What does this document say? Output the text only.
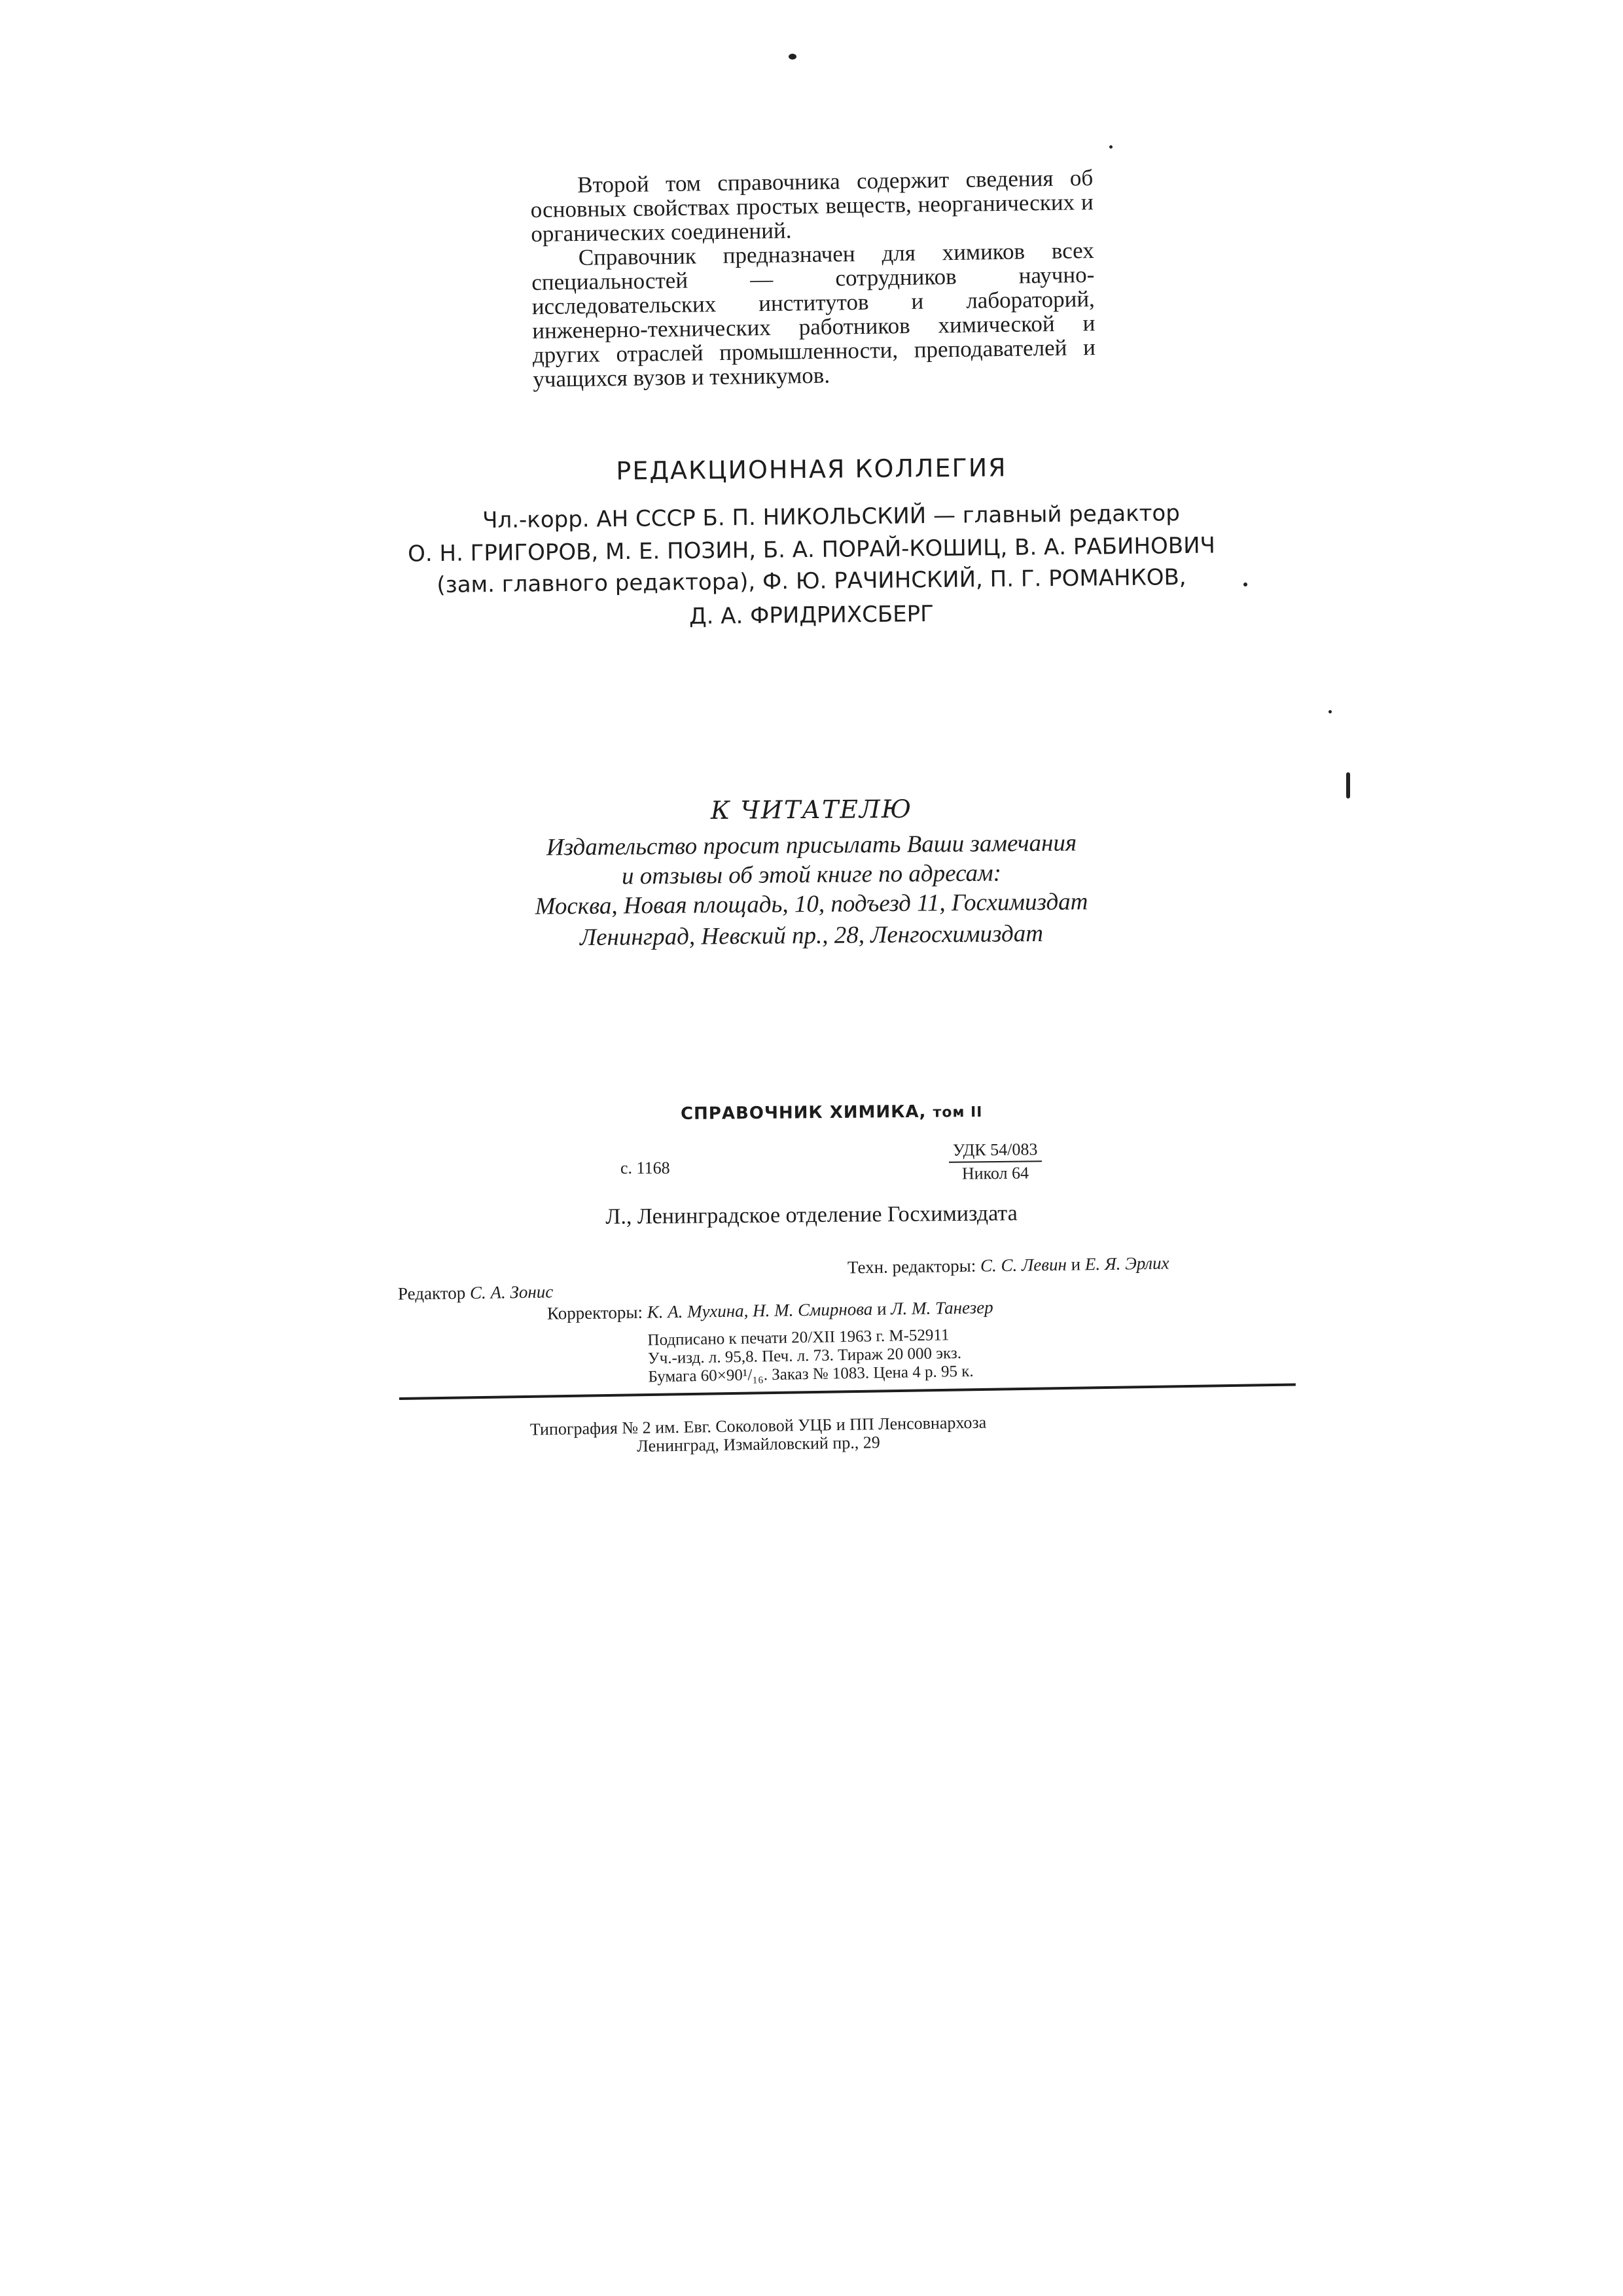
Второй том справочника содержит сведения об основных свойствах простых веществ, неорганических и органических соединений.

Справочник предназначен для химиков всех специальностей — сотрудников научно-исследовательских институтов и лабораторий, инженерно-технических работников химической и других отраслей промышленности, преподавателей и учащихся вузов и техникумов.

РЕДАКЦИОННАЯ КОЛЛЕГИЯ
Чл.-корр. АН СССР Б. П. НИКОЛЬСКИЙ — главный редактор
О. Н. ГРИГОРОВ, М. Е. ПОЗИН, Б. А. ПОРАЙ-КОШИЦ, В. А. РАБИНОВИЧ
(зам. главного редактора), Ф. Ю. РАЧИНСКИЙ, П. Г. РОМАНКОВ,
Д. А. ФРИДРИХСБЕРГ
К ЧИТАТЕЛЮ
Издательство просит присылать Ваши замечания
и отзывы об этой книге по адресам:
Москва, Новая площадь, 10, подъезд 11, Госхимиздат
Ленинград, Невский пр., 28, Ленгосхимиздат
СПРАВОЧНИК ХИМИКА, том II
с. 1168
УДК 54/083
Никол 64
Л., Ленинградское отделение Госхимиздата
Техн. редакторы: С. С. Левин и Е. Я. Эрлих
Редактор С. А. Зонис
Корректоры: К. А. Мухина, Н. М. Смирнова и Л. М. Танезер
Подписано к печати 20/XII 1963 г. М-52911
Уч.-изд. л. 95,8. Печ. л. 73. Тираж 20 000 экз.
Бумага 60×90¹/₁₆. Заказ № 1083. Цена 4 р. 95 к.
Типография № 2 им. Евг. Соколовой УЦБ и ПП Ленсовнархоза
Ленинград, Измайловский пр., 29
